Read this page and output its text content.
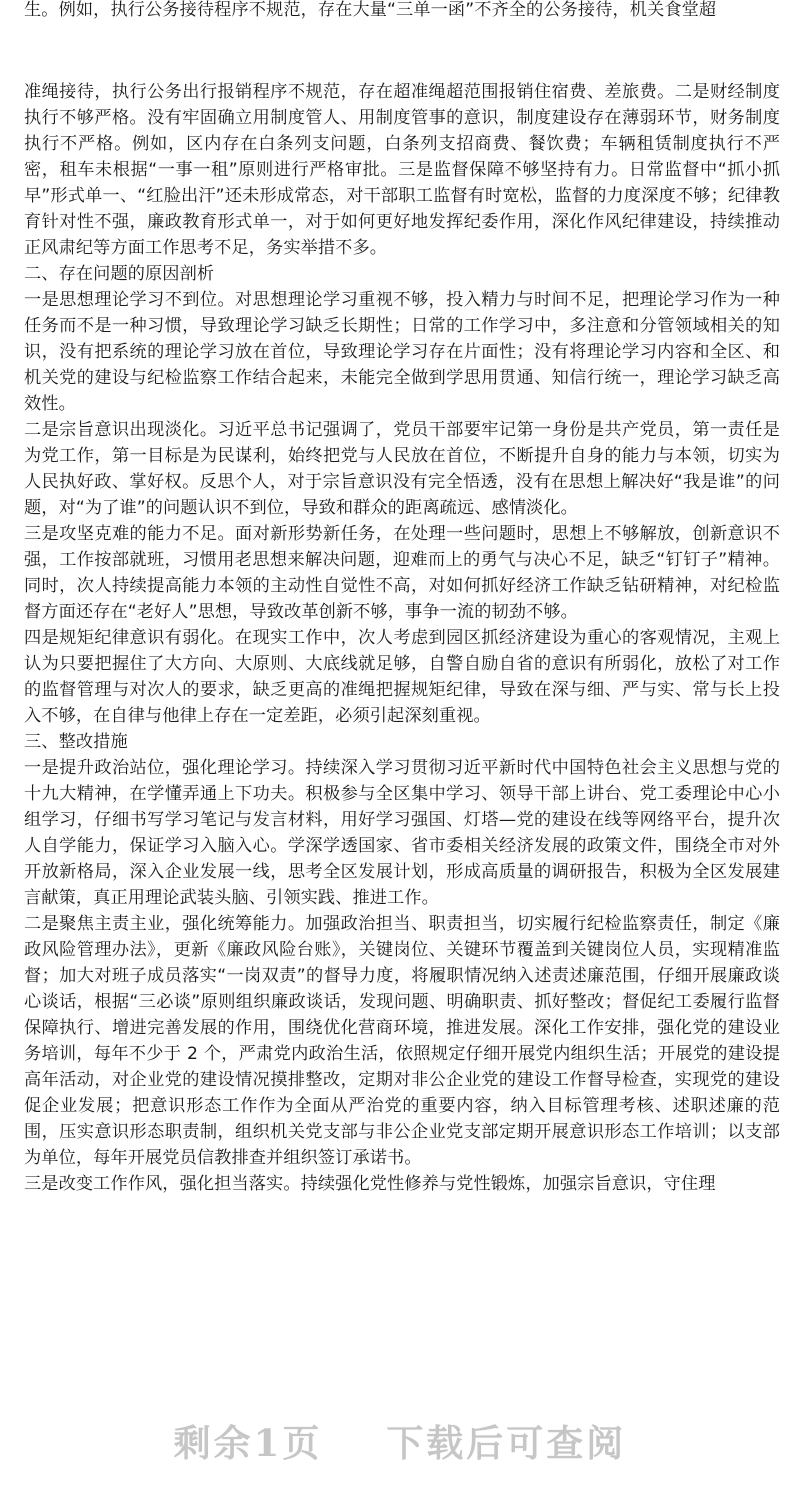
生。例如，执行公务接待程序不规范，存在大量“三单一函”不齐全的公务接待，机关食堂超

准绳接待，执行公务出行报销程序不规范，存在超准绳超范围报销住宿费、差旅费。二是财经制度执行不够严格。没有牢固确立用制度管人、用制度管事的意识，制度建设存在薄弱环节，财务制度执行不严格。例如，区内存在白条列支问题，白条列支招商费、餐饮费；车辆租赁制度执行不严密，租车未根据“一事一租”原则进行严格审批。三是监督保障不够坚持有力。日常监督中“抓小抓早”形式单一、“红脸出汗”还未形成常态，对干部职工监督有时宽松，监督的力度深度不够；纪律教育针对性不强，廉政教育形式单一，对于如何更好地发挥纪委作用，深化作风纪律建设，持续推动正风肃纪等方面工作思考不足，务实举措不多。

二、存在问题的原因剖析

一是思想理论学习不到位。对思想理论学习重视不够，投入精力与时间不足，把理论学习作为一种任务而不是一种习惯，导致理论学习缺乏长期性；日常的工作学习中，多注意和分管领域相关的知识，没有把系统的理论学习放在首位，导致理论学习存在片面性；没有将理论学习内容和全区、和机关党的建设与纪检监察工作结合起来，未能完全做到学思用贯通、知信行统一，理论学习缺乏高效性。

二是宗旨意识出现淡化。习近平总书记强调了，党员干部要牢记第一身份是共产党员，第一责任是为党工作，第一目标是为民谋利，始终把党与人民放在首位，不断提升自身的能力与本领，切实为人民执好政、掌好权。反思个人，对于宗旨意识没有完全悟透，没有在思想上解决好“我是谁”的问题，对“为了谁”的问题认识不到位，导致和群众的距离疏远、感情淡化。

三是攻坚克难的能力不足。面对新形势新任务，在处理一些问题时，思想上不够解放，创新意识不强，工作按部就班，习惯用老思想来解决问题，迎难而上的勇气与决心不足，缺乏“钉钉子”精神。同时，次人持续提高能力本领的主动性自觉性不高，对如何抓好经济工作缺乏钻研精神，对纪检监督方面还存在“老好人”思想，导致改革创新不够，事争一流的韧劲不够。

四是规矩纪律意识有弱化。在现实工作中，次人考虑到园区抓经济建设为重心的客观情况，主观上认为只要把握住了大方向、大原则、大底线就足够，自警自励自省的意识有所弱化，放松了对工作的监督管理与对次人的要求，缺乏更高的准绳把握规矩纪律，导致在深与细、严与实、常与长上投入不够，在自律与他律上存在一定差距，必须引起深刻重视。

三、整改措施

一是提升政治站位，强化理论学习。持续深入学习贯彻习近平新时代中国特色社会主义思想与党的十九大精神，在学懂弄通上下功夫。积极参与全区集中学习、领导干部上讲台、党工委理论中心小组学习，仔细书写学习笔记与发言材料，用好学习强国、灯塔—党的建设在线等网络平台，提升次人自学能力，保证学习入脑入心。学深学透国家、省市委相关经济发展的政策文件，围绕全市对外开放新格局，深入企业发展一线，思考全区发展计划，形成高质量的调研报告，积极为全区发展建言献策，真正用理论武装头脑、引领实践、推进工作。

二是聚焦主责主业，强化统筹能力。加强政治担当、职责担当，切实履行纪检监察责任，制定《廉政风险管理办法》，更新《廉政风险台账》，关键岗位、关键环节覆盖到关键岗位人员，实现精准监督；加大对班子成员落实“一岗双责”的督导力度，将履职情况纳入述责述廉范围，仔细开展廉政谈心谈话，根据“三必谈”原则组织廉政谈话，发现问题、明确职责、抓好整改；督促纪工委履行监督保障执行、增进完善发展的作用，围绕优化营商环境，推进发展。深化工作安排，强化党的建设业务培训，每年不少于 2 个，严肃党内政治生活，依照规定仔细开展党内组织生活；开展党的建设提高年活动，对企业党的建设情况摸排整改，定期对非公企业党的建设工作督导检查，实现党的建设促企业发展；把意识形态工作作为全面从严治党的重要内容，纳入目标管理考核、述职述廉的范围，压实意识形态职责制，组织机关党支部与非公企业党支部定期开展意识形态工作培训；以支部为单位，每年开展党员信教排查并组织签订承诺书。

三是改变工作作风，强化担当落实。持续强化党性修养与党性锻炼，加强宗旨意识，守住理

剩余1页 下载后可查阅
